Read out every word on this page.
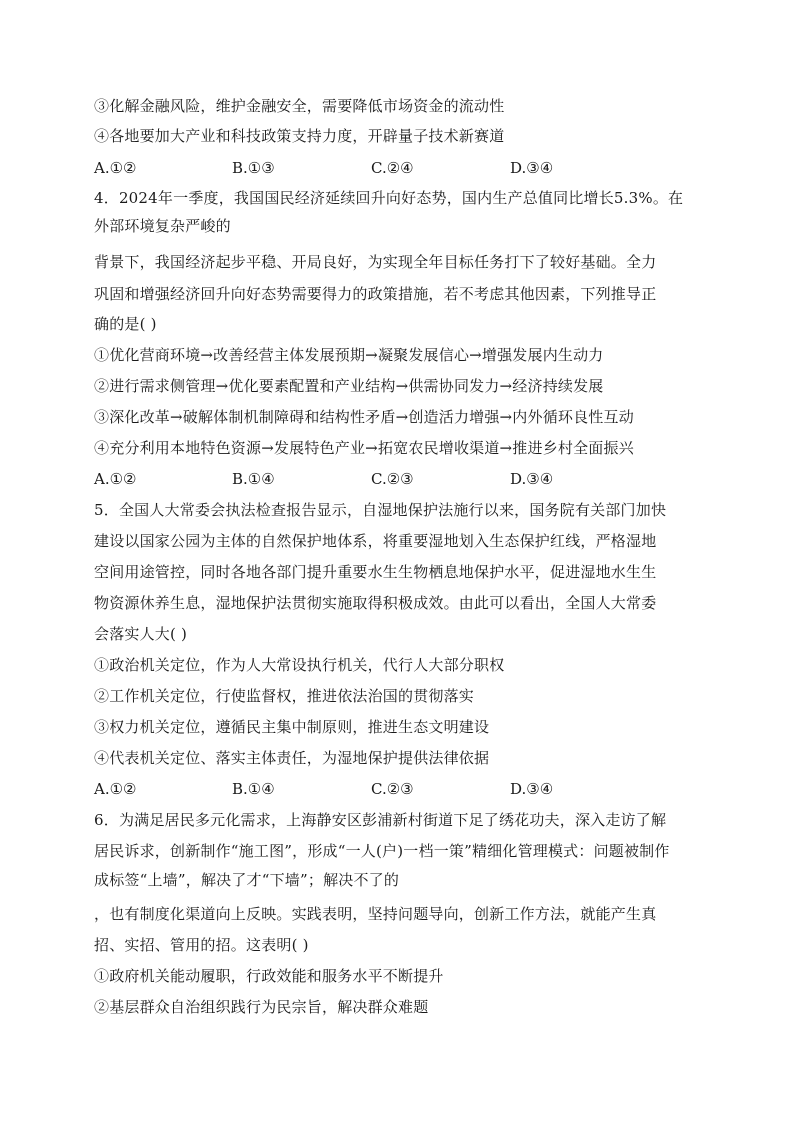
③化解金融风险，维护金融安全，需要降低市场资金的流动性
④各地要加大产业和科技政策支持力度，开辟量子技术新赛道
A.①②	B.①③	C.②④	D.③④
4．2024年一季度，我国国民经济延续回升向好态势，国内生产总值同比增长5.3%。在
外部环境复杂严峻的
背景下，我国经济起步平稳、开局良好，为实现全年目标任务打下了较好基础。全力
巩固和增强经济回升向好态势需要得力的政策措施，若不考虑其他因素，下列推导正
确的是( )
①优化营商环境→改善经营主体发展预期→凝聚发展信心→增强发展内生动力
②进行需求侧管理→优化要素配置和产业结构→供需协同发力→经济持续发展
③深化改革→破解体制机制障碍和结构性矛盾→创造活力增强→内外循环良性互动
④充分利用本地特色资源→发展特色产业→拓宽农民增收渠道→推进乡村全面振兴
A.①②	B.①④	C.②③	D.③④
5．全国人大常委会执法检查报告显示，自湿地保护法施行以来，国务院有关部门加快
建设以国家公园为主体的自然保护地体系，将重要湿地划入生态保护红线，严格湿地
空间用途管控，同时各地各部门提升重要水生生物栖息地保护水平，促进湿地水生生
物资源休养生息，湿地保护法贯彻实施取得积极成效。由此可以看出，全国人大常委
会落实人大( )
①政治机关定位，作为人大常设执行机关，代行人大部分职权
②工作机关定位，行使监督权，推进依法治国的贯彻落实
③权力机关定位，遵循民主集中制原则，推进生态文明建设
④代表机关定位、落实主体责任，为湿地保护提供法律依据
A.①②	B.①④	C.②③	D.③④
6．为满足居民多元化需求，上海静安区彭浦新村街道下足了绣花功夫，深入走访了解
居民诉求，创新制作“施工图”，形成“一人(户)一档一策”精细化管理模式：问题被制作
成标签“上墙”，解决了才“下墙”；解决不了的
，也有制度化渠道向上反映。实践表明，坚持问题导向，创新工作方法，就能产生真
招、实招、管用的招。这表明( )
①政府机关能动履职，行政效能和服务水平不断提升
②基层群众自治组织践行为民宗旨，解决群众难题
